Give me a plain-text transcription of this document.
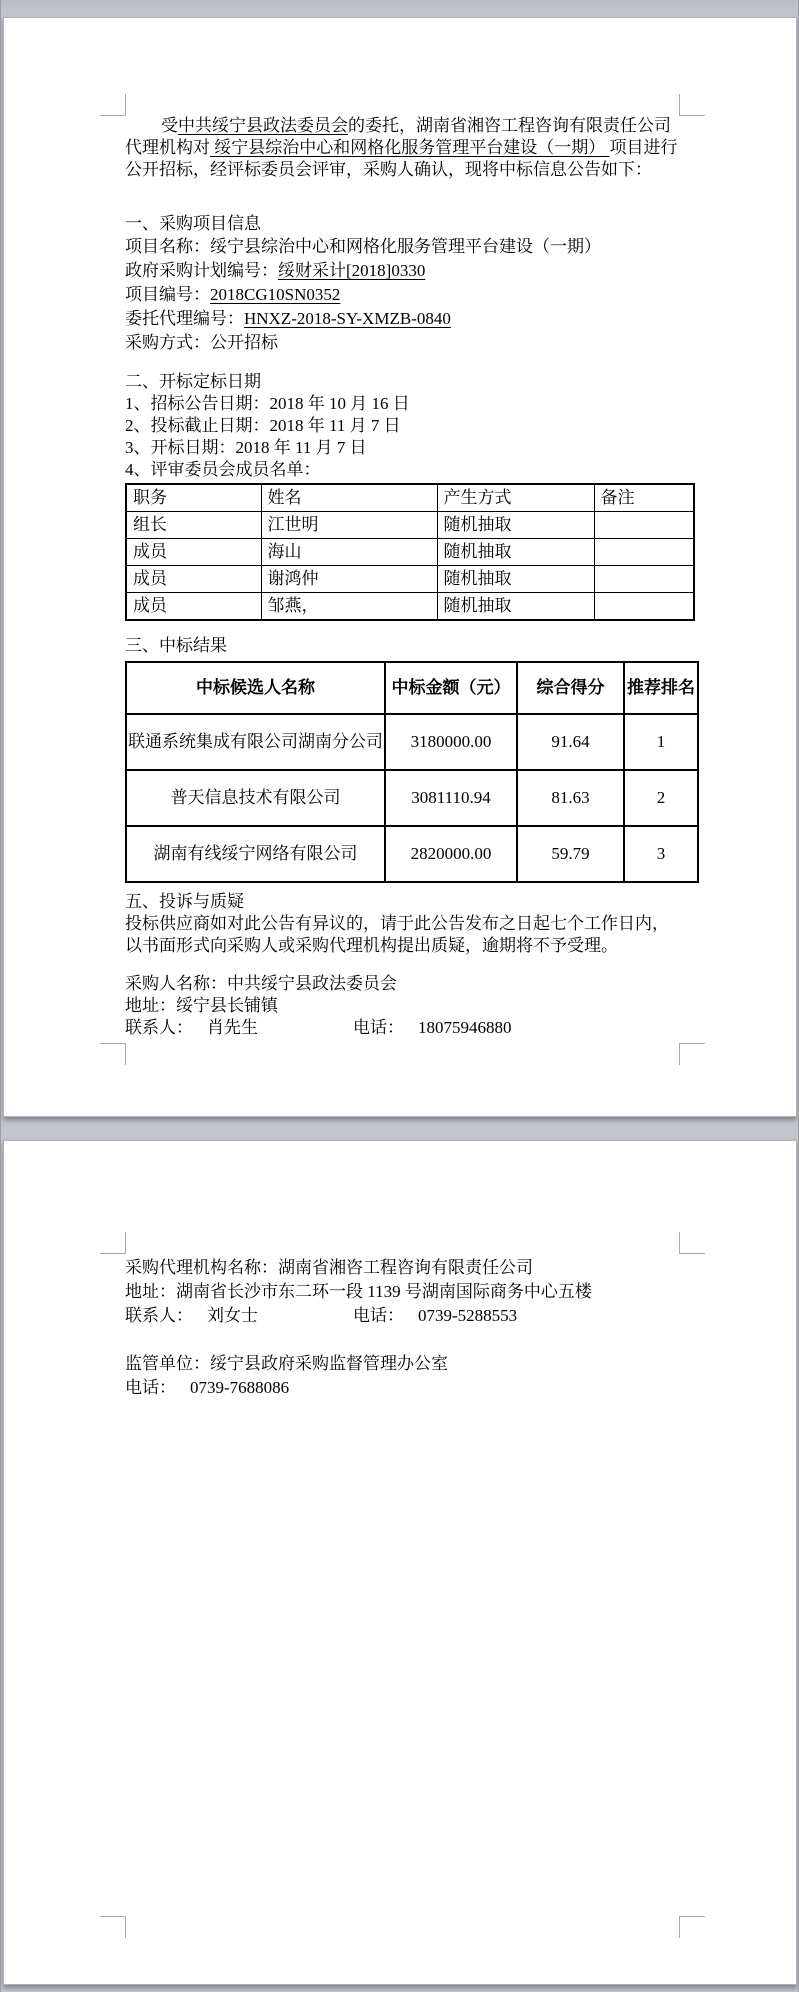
受中共绥宁县政法委员会的委托，湖南省湘咨工程咨询有限责任公司代理机构对 绥宁县综治中心和网格化服务管理平台建设（一期） 项目进行公开招标，经评标委员会评审，采购人确认，现将中标信息公告如下：

一、采购项目信息
项目名称：绥宁县综治中心和网格化服务管理平台建设（一期）
政府采购计划编号：绥财采计[2018]0330
项目编号：2018CG10SN0352
委托代理编号：HNXZ-2018-SY-XMZB-0840
采购方式：公开招标
二、开标定标日期
1、招标公告日期：2018 年 10 月 16 日
2、投标截止日期：2018 年 11 月 7 日
3、开标日期：2018 年 11 月 7 日
4、评审委员会成员名单：
职务	姓名	产生方式	备注
组长	江世明	随机抽取	
成员	海山	随机抽取	
成员	谢鸿仲	随机抽取	
成员	邹燕，	随机抽取	
三、中标结果
中标候选人名称	中标金额（元）	综合得分	推荐排名
联通系统集成有限公司湖南分公司	3180000.00	91.64	1
普天信息技术有限公司	3081110.94	81.63	2
湖南有线绥宁网络有限公司	2820000.00	59.79	3
五、投诉与质疑
投标供应商如对此公告有异议的，请于此公告发布之日起七个工作日内，以书面形式向采购人或采购代理机构提出质疑，逾期将不予受理。
采购人名称：中共绥宁县政法委员会
地址：绥宁县长铺镇
联系人： 肖先生	电话： 18075946880
采购代理机构名称：湖南省湘咨工程咨询有限责任公司
地址：湖南省长沙市东二环一段 1139 号湖南国际商务中心五楼
联系人： 刘女士	电话： 0739-5288553
监管单位：绥宁县政府采购监督管理办公室
电话： 0739-7688086
